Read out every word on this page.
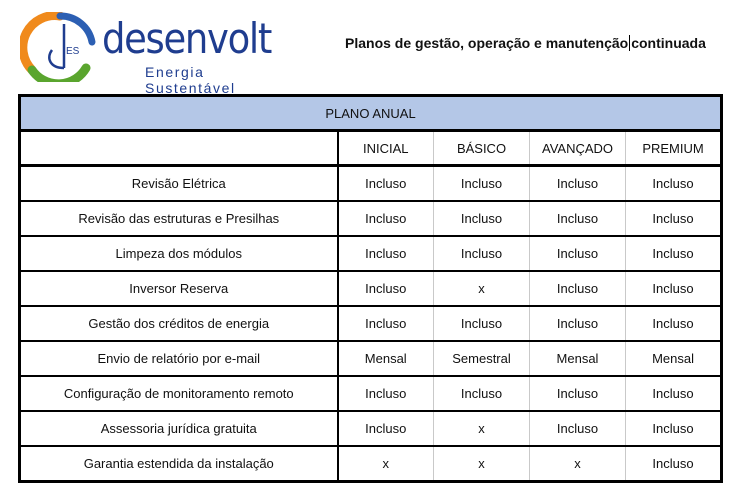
ES desenvolt
Energia Sustentável
Planos de gestão, operação e manutenção continuada
PLANO ANUAL				
	INICIAL	BÁSICO	AVANÇADO	PREMIUM
Revisão Elétrica	Incluso	Incluso	Incluso	Incluso
Revisão das estruturas e Presilhas	Incluso	Incluso	Incluso	Incluso
Limpeza dos módulos	Incluso	Incluso	Incluso	Incluso
Inversor Reserva	Incluso	x	Incluso	Incluso
Gestão dos créditos de energia	Incluso	Incluso	Incluso	Incluso
Envio de relatório por e-mail	Mensal	Semestral	Mensal	Mensal
Configuração de monitoramento remoto	Incluso	Incluso	Incluso	Incluso
Assessoria jurídica gratuita	Incluso	x	Incluso	Incluso
Garantia estendida da instalação	x	x	x	Incluso
